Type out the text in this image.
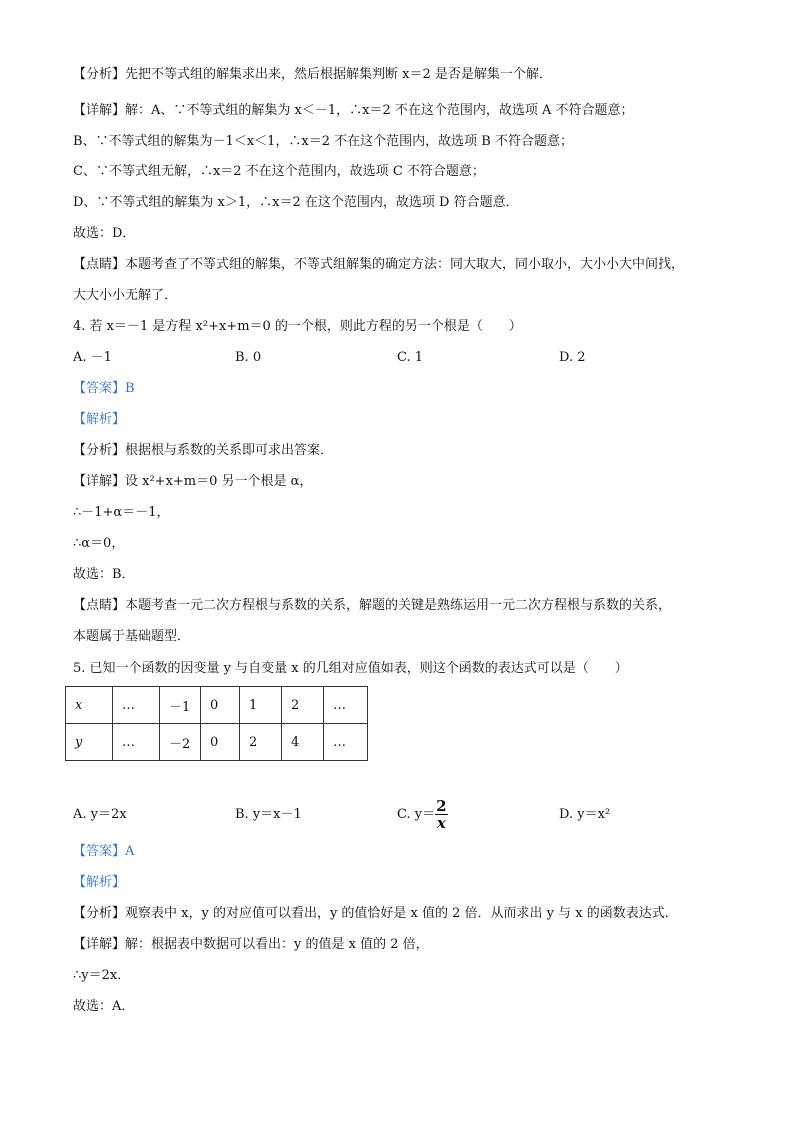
【分析】先把不等式组的解集求出来，然后根据解集判断 x＝2 是否是解集一个解．
【详解】解：A、∵不等式组的解集为 x＜－1，∴x＝2 不在这个范围内，故选项 A 不符合题意；
B、∵不等式组的解集为－1＜x＜1，∴x＝2 不在这个范围内，故选项 B 不符合题意；
C、∵不等式组无解，∴x＝2 不在这个范围内，故选项 C 不符合题意；
D、∵不等式组的解集为 x＞1，∴x＝2 在这个范围内，故选项 D 符合题意．
故选：D．
【点睛】本题考查了不等式组的解集，不等式组解集的确定方法：同大取大，同小取小，大小小大中间找，
大大小小无解了．
4. 若 x＝－1 是方程 x²+x+m＝0 的一个根，则此方程的另一个根是（　　）
A. －1	B. 0	C. 1	D. 2
【答案】B
【解析】
【分析】根据根与系数的关系即可求出答案．
【详解】设 x²+x+m＝0 另一个根是 α，
∴－1+α＝－1，
∴α＝0，
故选：B．
【点睛】本题考查一元二次方程根与系数的关系，解题的关键是熟练运用一元二次方程根与系数的关系，
本题属于基础题型．
5. 已知一个函数的因变量 y 与自变量 x 的几组对应值如表，则这个函数的表达式可以是（　　）
x	…	－1	0	1	2	…
y	…	－2	0	2	4	…
A. y＝2x	B. y＝x－1	C. $y= \frac{2}{x}$	D. y＝x²
【答案】A
【解析】
【分析】观察表中 x，y 的对应值可以看出，y 的值恰好是 x 值的 2 倍．从而求出 y 与 x 的函数表达式．
【详解】解：根据表中数据可以看出：y 的值是 x 值的 2 倍，
∴y＝2x．
故选：A．
